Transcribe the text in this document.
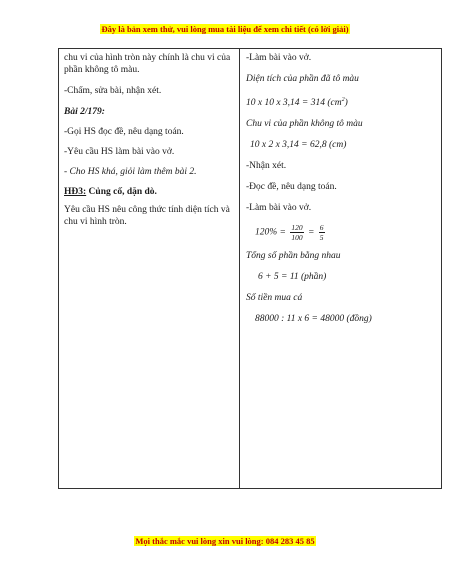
Đây là bản xem thử, vui lòng mua tài liệu để xem chi tiết (có lời giải)
chu vi của hình tròn này chính là chu vi của phần không tô màu.
-Chấm, sửa bài, nhận xét.
Bài 2/179:
-Gọi HS đọc đề, nêu dạng toán.
-Yêu cầu HS làm bài vào vở.
- Cho HS khá, giỏi làm thêm bài 2.
HĐ3: Củng cố, dặn dò.
Yêu cầu HS nêu công thức tính diện tích và chu vi hình tròn.
-Làm bài vào vở.
Diện tích của phần đã tô màu
10 x 10 x 3,14 = 314 $(cm^2)$
Chu vi của phần không tô màu
10 x 2 x 3,14 = 62,8 (cm)
-Nhận xét.
-Đọc đề, nêu dạng toán.
-Làm bài vào vở.
$120\% = \frac{120}{100} = \frac{6}{5}$
Tổng số phần bằng nhau
6 + 5 = 11 (phần)
Số tiền mua cá
88000 : 11 x 6 = 48000 (đồng)
Mọi thắc mắc vui lòng xin vui lòng: 084 283 45 85
